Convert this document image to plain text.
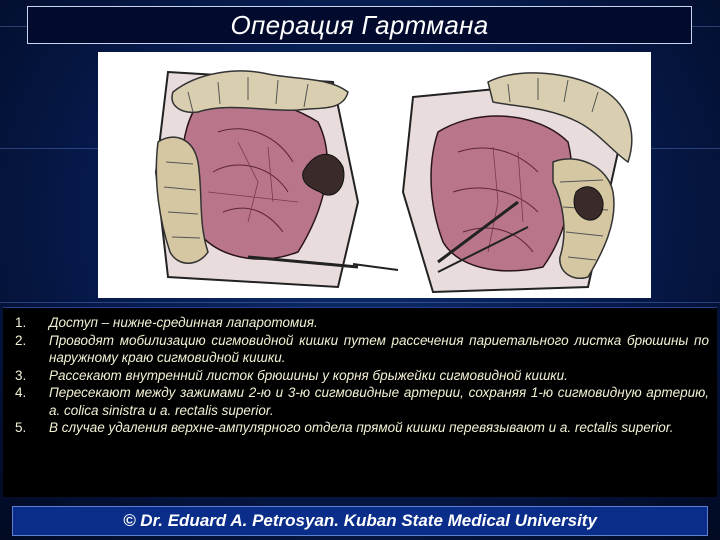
Операция Гартмана
1.	Доступ – нижне-срединная лапаротомия.
2.	Проводят мобилизацию сигмовидной кишки путем рассечения париетального листка брюшины по наружному краю сигмовидной кишки.
3.	Рассекают внутренний листок брюшины у корня брыжейки сигмовидной кишки.
4.	Пересекают между зажимами 2-ю и 3-ю сигмовидные артерии, сохраняя 1-ю сигмовидную артерию, a. colica sinistra и a. rectalis superior.
5.	В случае удаления верхне-ампулярного отдела прямой кишки перевязывают и a. rectalis superior.
© Dr. Eduard A. Petrosyan. Kuban State Medical University
